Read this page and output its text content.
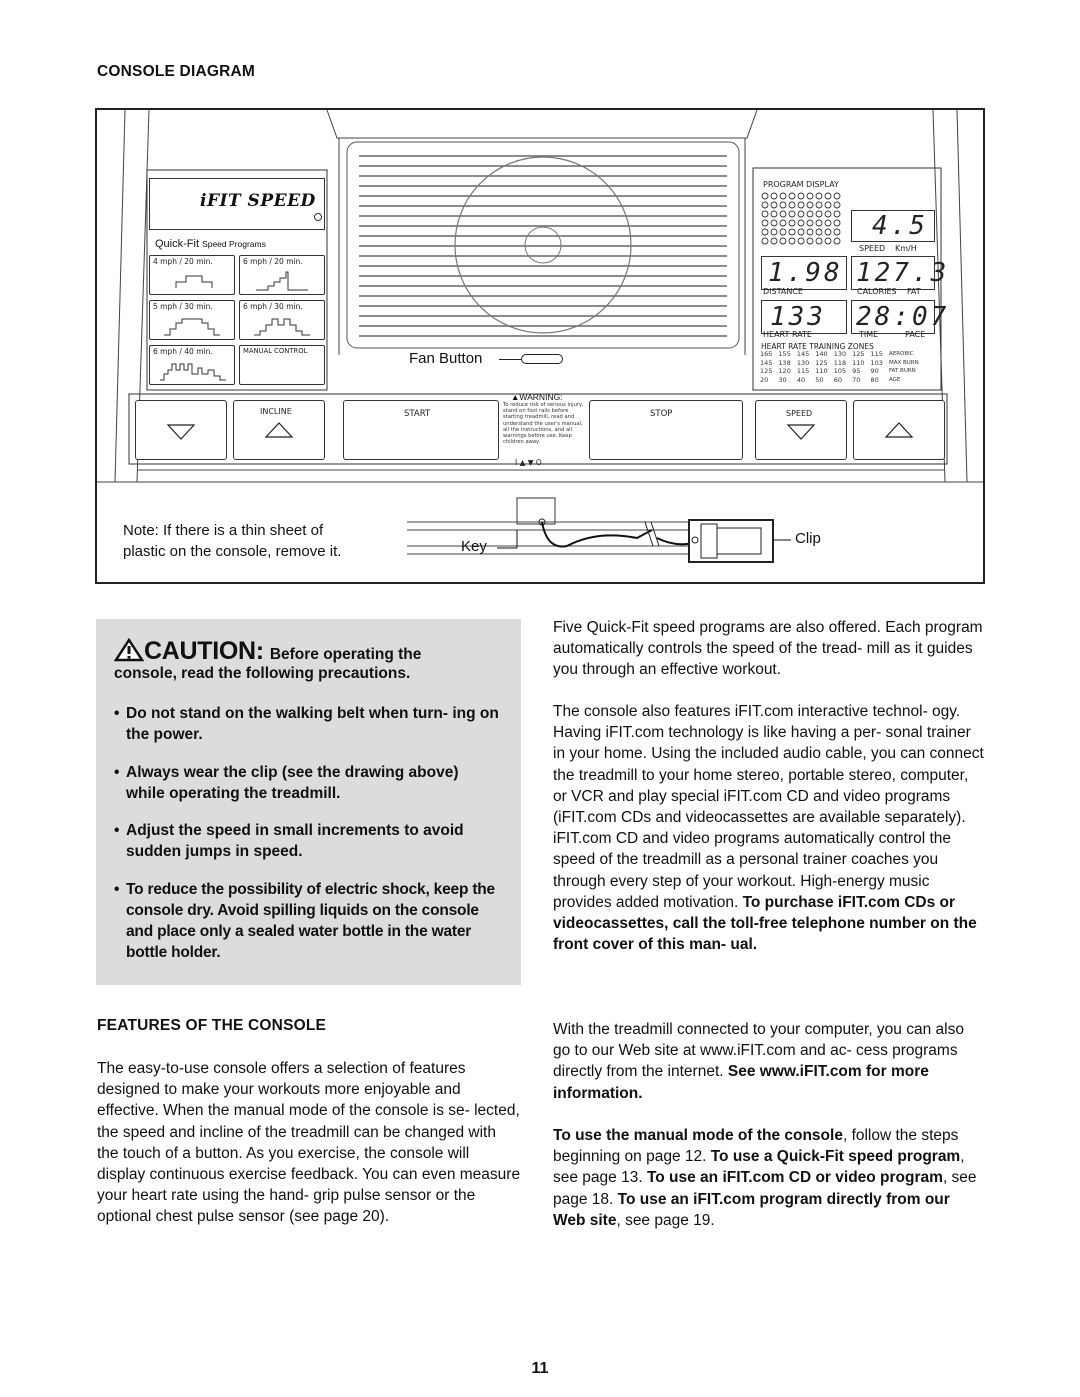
CONSOLE DIAGRAM
iFIT SPEED
Quick-Fit Speed Programs
4 mph / 20 min.	6 mph / 20 min.
5 mph / 30 min.	6 mph / 30 min.
6 mph / 40 min.	MANUAL CONTROL	Fan Button
PROGRAM DISPLAY
4.5
SPEED Km/H
1.98
DISTANCE
127.3
CALORIES FAT
133
HEART RATE
28:07
TIME	PACE
HEART RATE TRAINING ZONES
165	155	145	140	130	125	115	AEROBIC
145	138	130	125	118	110	103	MAX BURN
125	120	115	110	105	95	90	FAT BURN
20	30	40	50	60	70	80	AGE
INCLINE	START
▲WARNING:
To reduce risk of serious injury, stand on foot rails before starting treadmill, read and understand the user's manual, all the instructions, and all warnings before use. Keep children away.
I ▲ ▼ O
STOP	SPEED
Note: If there is a thin sheet of
plastic on the console, remove it.	Key	Clip
CAUTION: Before operating the
console, read the following precautions.
• Do not stand on the walking belt when turn- ing on the power.
• Always wear the clip (see the drawing above) while operating the treadmill.
• Adjust the speed in small increments to avoid sudden jumps in speed.
• To reduce the possibility of electric shock, keep the console dry. Avoid spilling liquids on the console and place only a sealed water bottle in the water bottle holder.
FEATURES OF THE CONSOLE
The easy-to-use console offers a selection of features designed to make your workouts more enjoyable and effective. When the manual mode of the console is se- lected, the speed and incline of the treadmill can be changed with the touch of a button. As you exercise, the console will display continuous exercise feedback. You can even measure your heart rate using the hand- grip pulse sensor or the optional chest pulse sensor (see page 20).
Five Quick-Fit speed programs are also offered. Each program automatically controls the speed of the tread- mill as it guides you through an effective workout.
The console also features iFIT.com interactive technol- ogy. Having iFIT.com technology is like having a per- sonal trainer in your home. Using the included audio cable, you can connect the treadmill to your home stereo, portable stereo, computer, or VCR and play special iFIT.com CD and video programs (iFIT.com CDs and videocassettes are available separately). iFIT.com CD and video programs automatically control the speed of the treadmill as a personal trainer coaches you through every step of your workout. High-energy music provides added motivation. To purchase iFIT.com CDs or videocassettes, call the toll-free telephone number on the front cover of this man- ual.
With the treadmill connected to your computer, you can also go to our Web site at www.iFIT.com and ac- cess programs directly from the internet. See www.iFIT.com for more information.
To use the manual mode of the console, follow the steps beginning on page 12. To use a Quick-Fit speed program, see page 13. To use an iFIT.com CD or video program, see page 18. To use an iFIT.com program directly from our Web site, see page 19.
11
